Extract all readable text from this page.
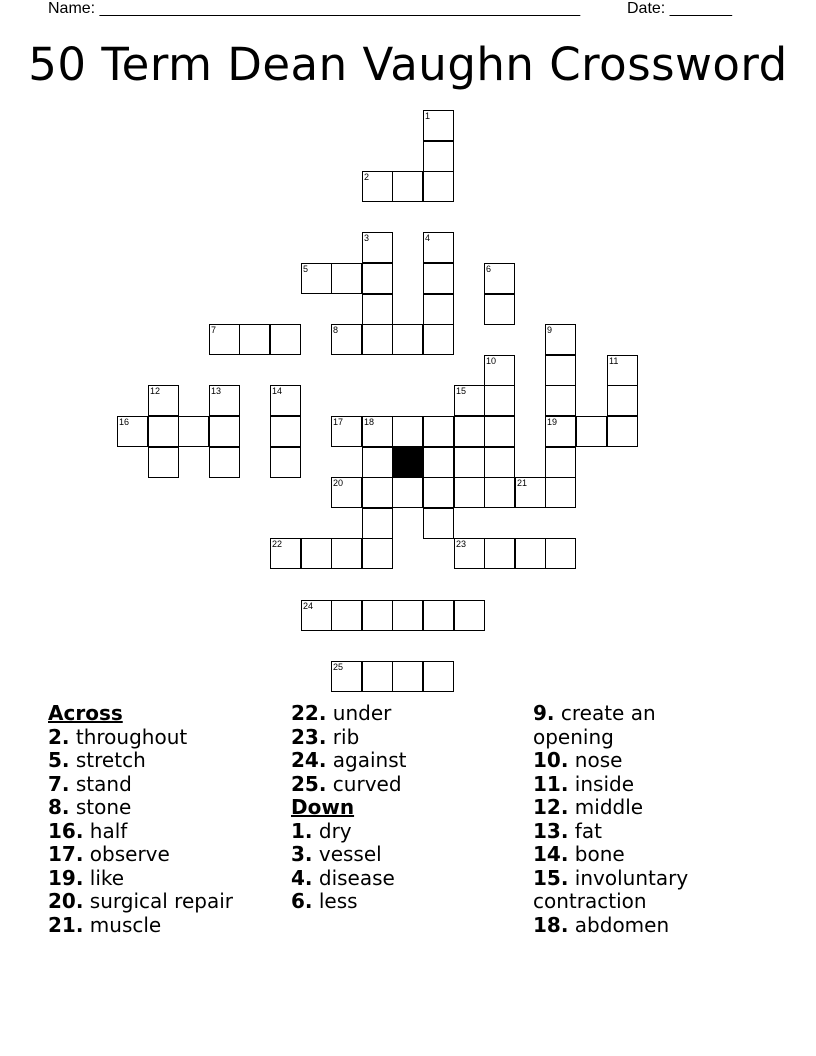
Name: ______________________________________________________	Date: _______
50 Term Dean Vaughn Crossword
1
2
3	4
5	6
7	8	9
10	11
12	13	14	15
16	17 18	19
20	21
22	23
24
25
Across
2. throughout
5. stretch
7. stand
8. stone
16. half
17. observe
19. like
20. surgical repair
21. muscle
22. under
23. rib
24. against
25. curved
Down
1. dry
3. vessel
4. disease
6. less
9. create an opening
10. nose
11. inside
12. middle
13. fat
14. bone
15. involuntary contraction
18. abdomen
